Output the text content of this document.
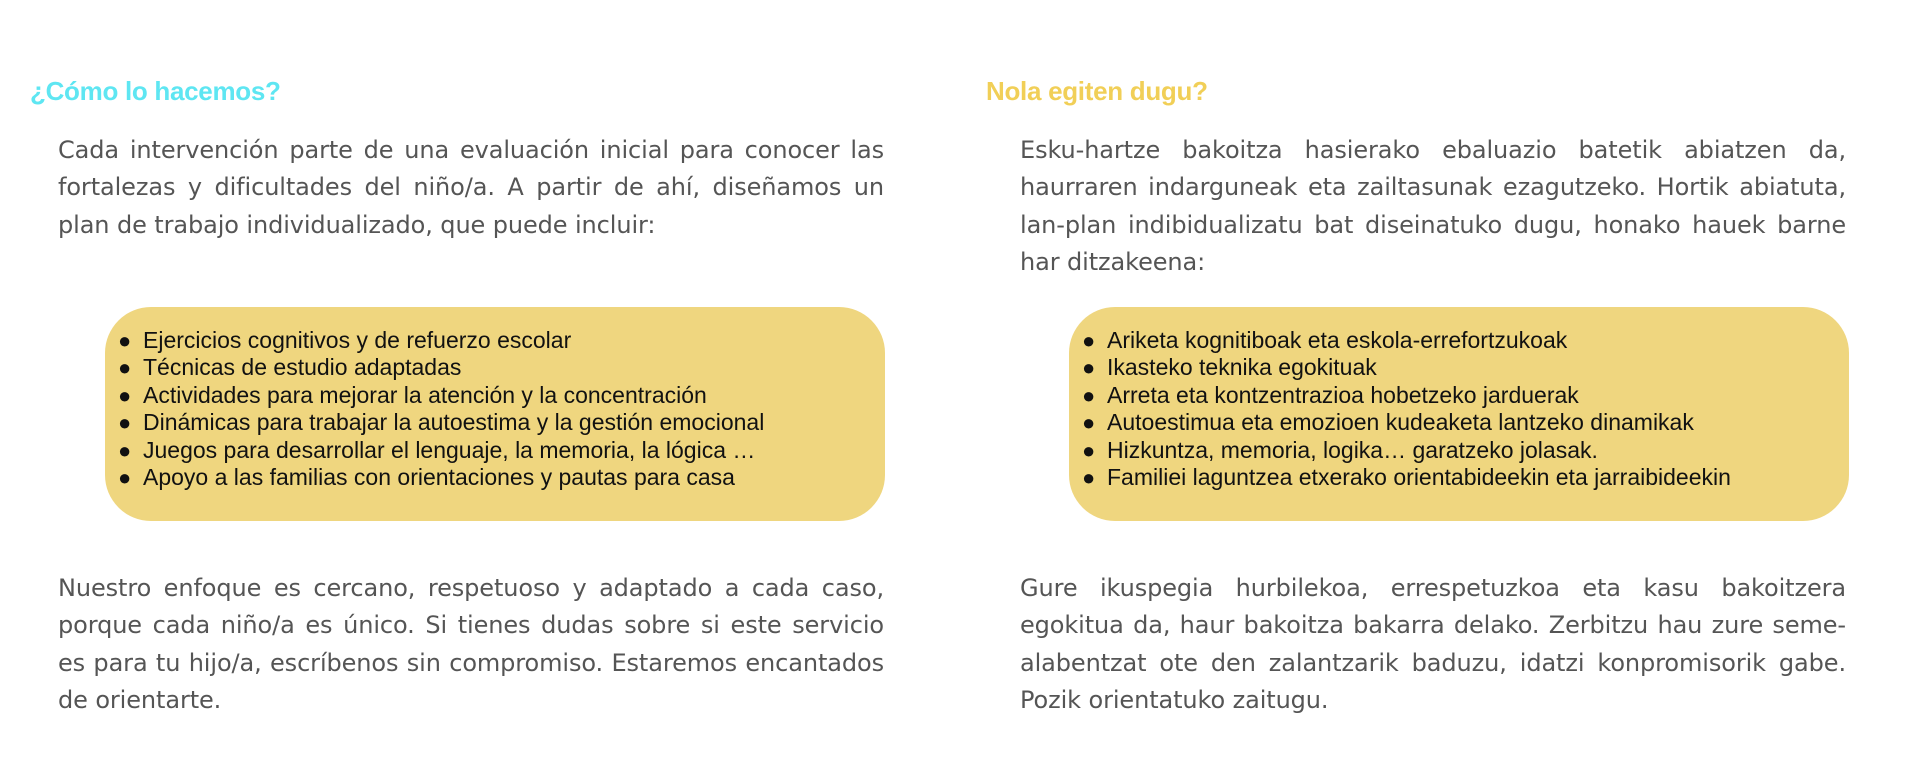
¿Cómo lo hacemos?

Cada intervención parte de una evaluación inicial para conocer las fortalezas y dificultades del niño/a. A partir de ahí, diseñamos un plan de trabajo individualizado, que puede incluir:

● Ejercicios cognitivos y de refuerzo escolar
● Técnicas de estudio adaptadas
● Actividades para mejorar la atención y la concentración
● Dinámicas para trabajar la autoestima y la gestión emocional
● Juegos para desarrollar el lenguaje, la memoria, la lógica …
● Apoyo a las familias con orientaciones y pautas para casa

Nuestro enfoque es cercano, respetuoso y adaptado a cada caso, porque cada niño/a es único. Si tienes dudas sobre si este servicio es para tu hijo/a, escríbenos sin compromiso. Estaremos encantados de orientarte.

Nola egiten dugu?

Esku-hartze bakoitza hasierako ebaluazio batetik abiatzen da, haurraren indarguneak eta zailtasunak ezagutzeko. Hortik abiatuta, lan-plan indibidualizatu bat diseinatuko dugu, honako hauek barne har ditzakeena:

● Ariketa kognitiboak eta eskola-errefortzukoak
● Ikasteko teknika egokituak
● Arreta eta kontzentrazioa hobetzeko jarduerak
● Autoestimua eta emozioen kudeaketa lantzeko dinamikak
● Hizkuntza, memoria, logika… garatzeko jolasak.
● Familiei laguntzea etxerako orientabideekin eta jarraibideekin

Gure ikuspegia hurbilekoa, errespetuzkoa eta kasu bakoitzera egokitua da, haur bakoitza bakarra delako. Zerbitzu hau zure seme-alabentzat ote den zalantzarik baduzu, idatzi konpromisorik gabe. Pozik orientatuko zaitugu.
